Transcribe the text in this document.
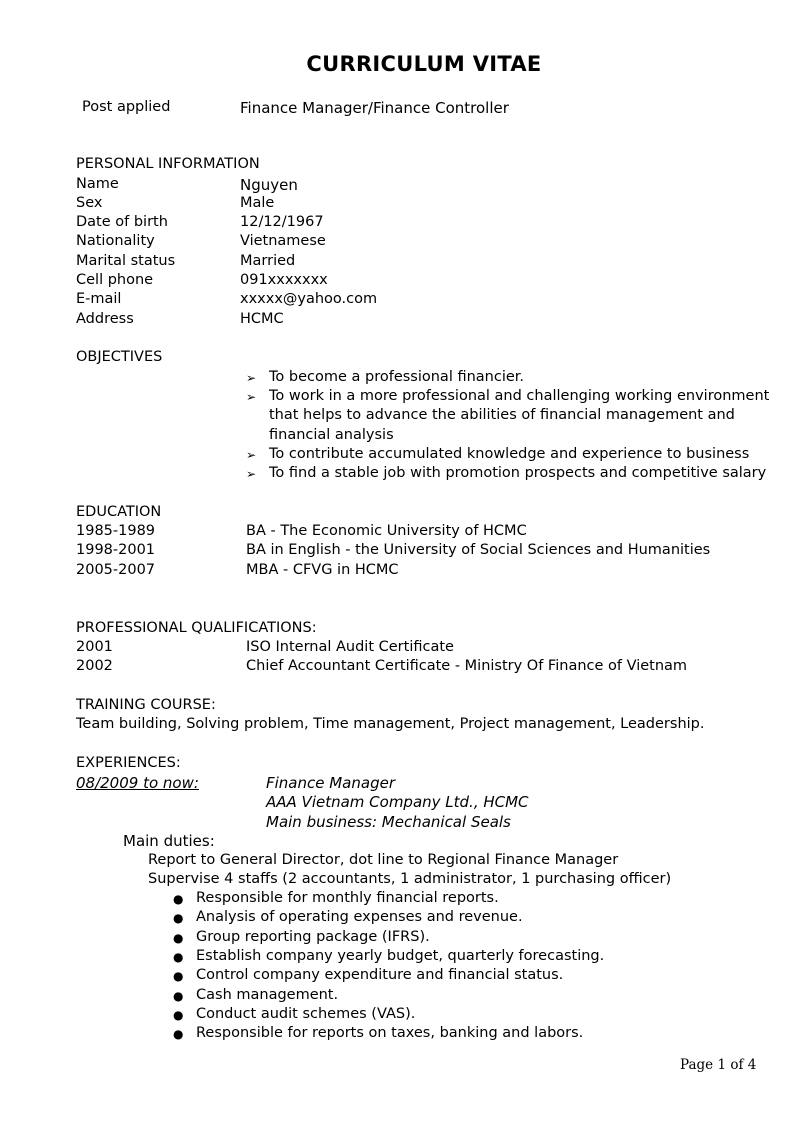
CURRICULUM VITAE
Post applied	Finance Manager/Finance Controller
PERSONAL INFORMATION
Name	Nguyen
Sex	Male
Date of birth	12/12/1967
Nationality	Vietnamese
Marital status	Married
Cell phone	091xxxxxxx
E-mail	xxxxx@yahoo.com
Address	HCMC
OBJECTIVES
➢ To become a professional financier.
➢ To work in a more professional and challenging working environment
that helps to advance the abilities of financial management and
financial analysis
➢ To contribute accumulated knowledge and experience to business
➢ To find a stable job with promotion prospects and competitive salary
EDUCATION
1985-1989	BA - The Economic University of HCMC
1998-2001	BA in English - the University of Social Sciences and Humanities
2005-2007	MBA - CFVG in HCMC
PROFESSIONAL QUALIFICATIONS:
2001	ISO Internal Audit Certificate
2002	Chief Accountant Certificate - Ministry Of Finance of Vietnam
TRAINING COURSE:
Team building, Solving problem, Time management, Project management, Leadership.
EXPERIENCES:
08/2009 to now:	Finance Manager
AAA Vietnam Company Ltd., HCMC
Main business: Mechanical Seals
Main duties:
Report to General Director, dot line to Regional Finance Manager
Supervise 4 staffs (2 accountants, 1 administrator, 1 purchasing officer)
● Responsible for monthly financial reports.
● Analysis of operating expenses and revenue.
● Group reporting package (IFRS).
● Establish company yearly budget, quarterly forecasting.
● Control company expenditure and financial status.
● Cash management.
● Conduct audit schemes (VAS).
● Responsible for reports on taxes, banking and labors.
Page 1 of 4
